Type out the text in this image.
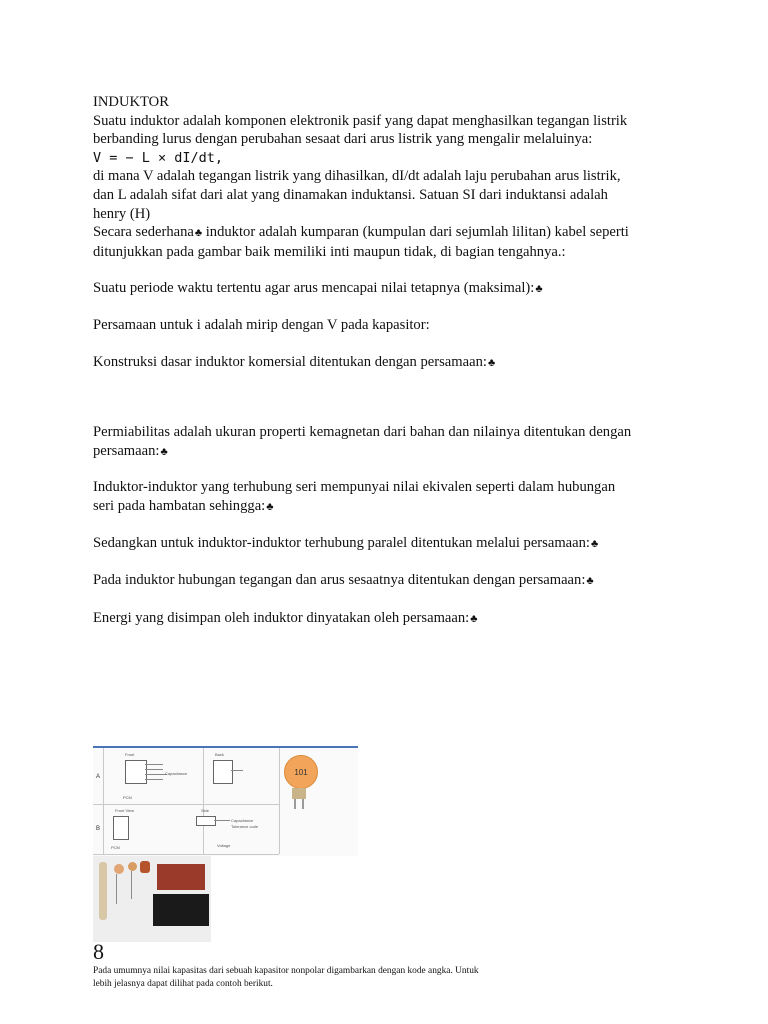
INDUKTOR

Suatu induktor adalah komponen elektronik pasif yang dapat menghasilkan tegangan listrik

berbanding lurus dengan perubahan sesaat dari arus listrik yang mengalir melaluinya:

V = − L × dI/dt,

di mana V adalah tegangan listrik yang dihasilkan, dI/dt adalah laju perubahan arus listrik,

dan L adalah sifat dari alat yang dinamakan induktansi. Satuan SI dari induktansi adalah

henry (H)

Secara sederhana♣ induktor adalah kumparan (kumpulan dari sejumlah lilitan) kabel seperti

ditunjukkan pada gambar baik memiliki inti maupun tidak, di bagian tengahnya.:

Suatu periode waktu tertentu agar arus mencapai nilai tetapnya (maksimal):♣

Persamaan untuk i adalah mirip dengan V pada kapasitor:

Konstruksi dasar induktor komersial ditentukan dengan persamaan:♣

Permiabilitas adalah ukuran properti kemagnetan dari bahan dan nilainya ditentukan dengan

persamaan:♣

Induktor-induktor yang terhubung seri mempunyai nilai ekivalen seperti dalam hubungan

seri pada hambatan sehingga:♣

Sedangkan untuk induktor-induktor terhubung paralel ditentukan melalui persamaan:♣

Pada induktor hubungan tegangan dan arus sesaatnya ditentukan dengan persamaan:♣

Energi yang disimpan oleh induktor dinyatakan oleh persamaan:♣

A
B
Front	Back
Front View	Side
Capacitance
PCM
PCM
Capacitance
Tolerance code
Voltage
101
8

Pada umumnya nilai kapasitas dari sebuah kapasitor nonpolar digambarkan dengan kode angka. Untuk

lebih jelasnya dapat dilihat pada contoh berikut.
